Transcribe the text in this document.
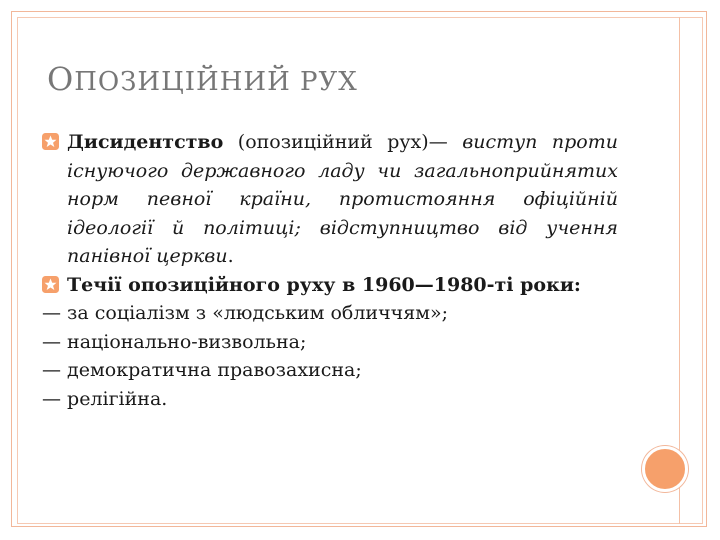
ОПОЗИЦІЙНИЙ РУХ
Дисидентство (опозиційний рух)— виступ проти існуючого державного ладу чи загальноприйнятих норм певної країни, протистояння офіційній ідеології й політиці; відступництво від учення панівної церкви.
Течії опозиційного руху в 1960—1980-ті роки:
— за соціалізм з «людським обличчям»;
— національно-визвольна;
— демократична правозахисна;
— релігійна.
